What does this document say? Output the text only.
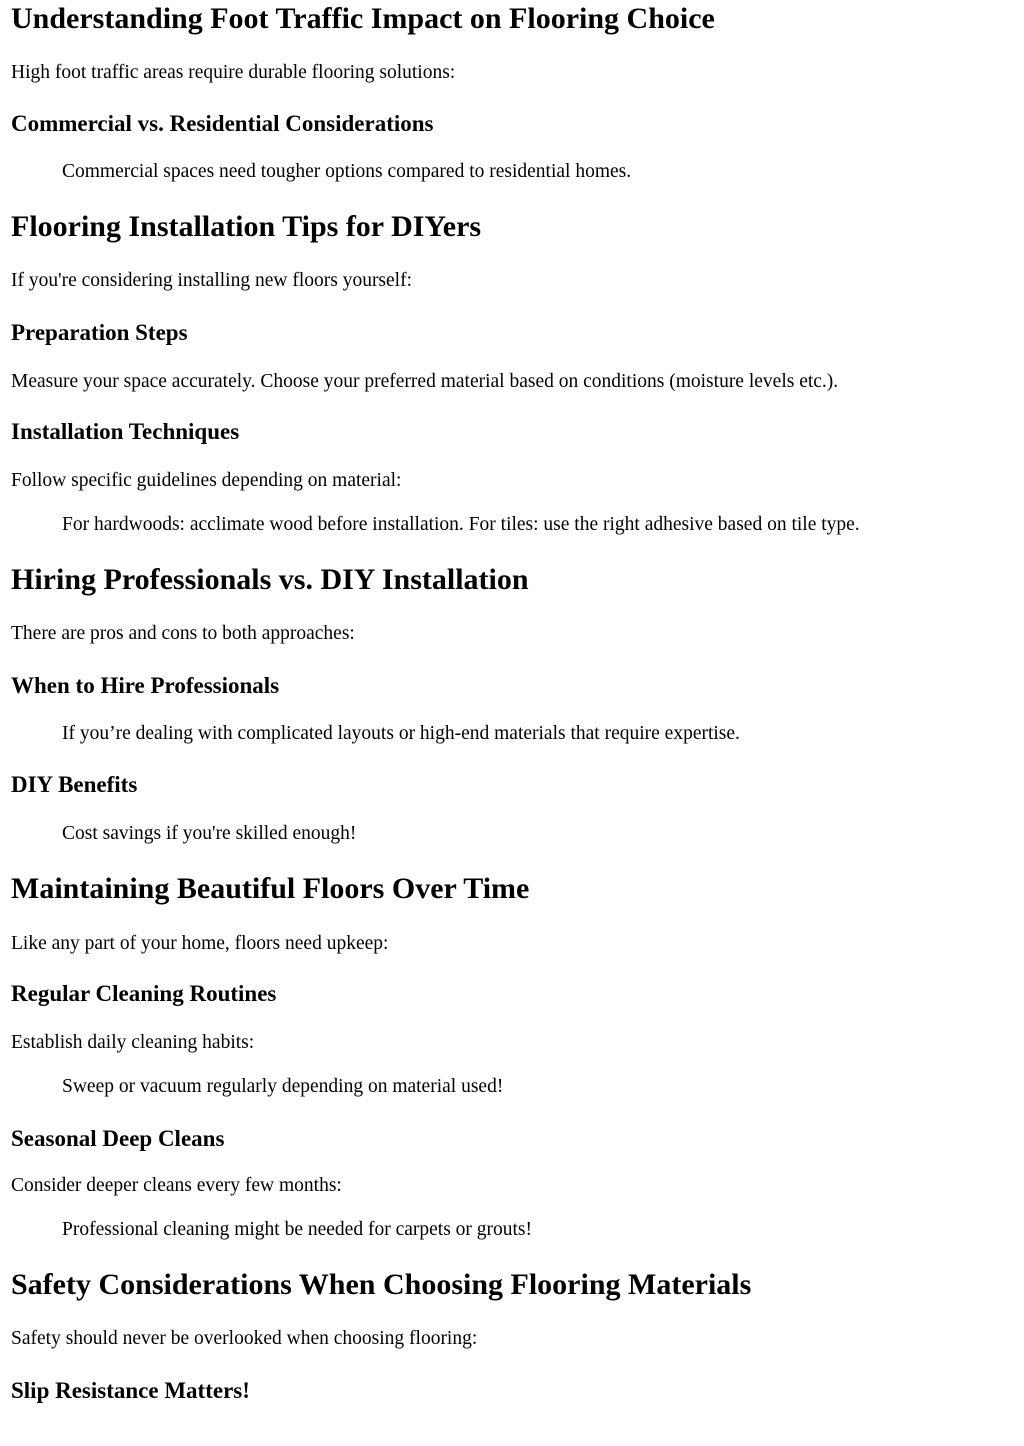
Understanding Foot Traffic Impact on Flooring Choice

High foot traffic areas require durable flooring solutions:

Commercial vs. Residential Considerations

Commercial spaces need tougher options compared to residential homes.

Flooring Installation Tips for DIYers

If you're considering installing new floors yourself:

Preparation Steps

Measure your space accurately. Choose your preferred material based on conditions (moisture levels etc.).

Installation Techniques

Follow specific guidelines depending on material:

For hardwoods: acclimate wood before installation. For tiles: use the right adhesive based on tile type.

Hiring Professionals vs. DIY Installation

There are pros and cons to both approaches:

When to Hire Professionals

If you’re dealing with complicated layouts or high-end materials that require expertise.

DIY Benefits

Cost savings if you're skilled enough!

Maintaining Beautiful Floors Over Time

Like any part of your home, floors need upkeep:

Regular Cleaning Routines

Establish daily cleaning habits:

Sweep or vacuum regularly depending on material used!

Seasonal Deep Cleans

Consider deeper cleans every few months:

Professional cleaning might be needed for carpets or grouts!

Safety Considerations When Choosing Flooring Materials

Safety should never be overlooked when choosing flooring:

Slip Resistance Matters!
